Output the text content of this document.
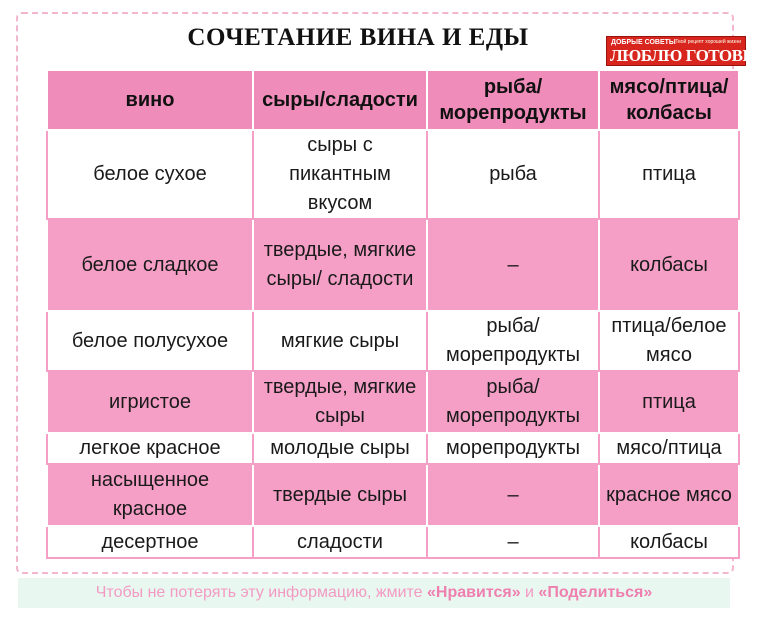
СОЧЕТАНИЕ ВИНА И ЕДЫ	ДОБРЫЕ СОВЕТЫ Твой рецепт хорошей жизни
ЛЮБЛЮ ГОТОВИТЬ!
вино	сыры/сладости	рыба/ морепродукты	мясо/птица/ колбасы
белое сухое	сыры с пикантным вкусом	рыба	птица
белое сладкое	твердые, мягкие сыры/ сладости	–	колбасы
белое полусухое	мягкие сыры	рыба/ морепродукты	птица/белое мясо
игристое	твердые, мягкие сыры	рыба/ морепродукты	птица
легкое красное	молодые сыры	морепродукты	мясо/птица
насыщенное красное	твердые сыры	–	красное мясо
десертное	сладости	–	колбасы
Чтобы не потерять эту информацию, жмите «Нравится» и «Поделиться»
